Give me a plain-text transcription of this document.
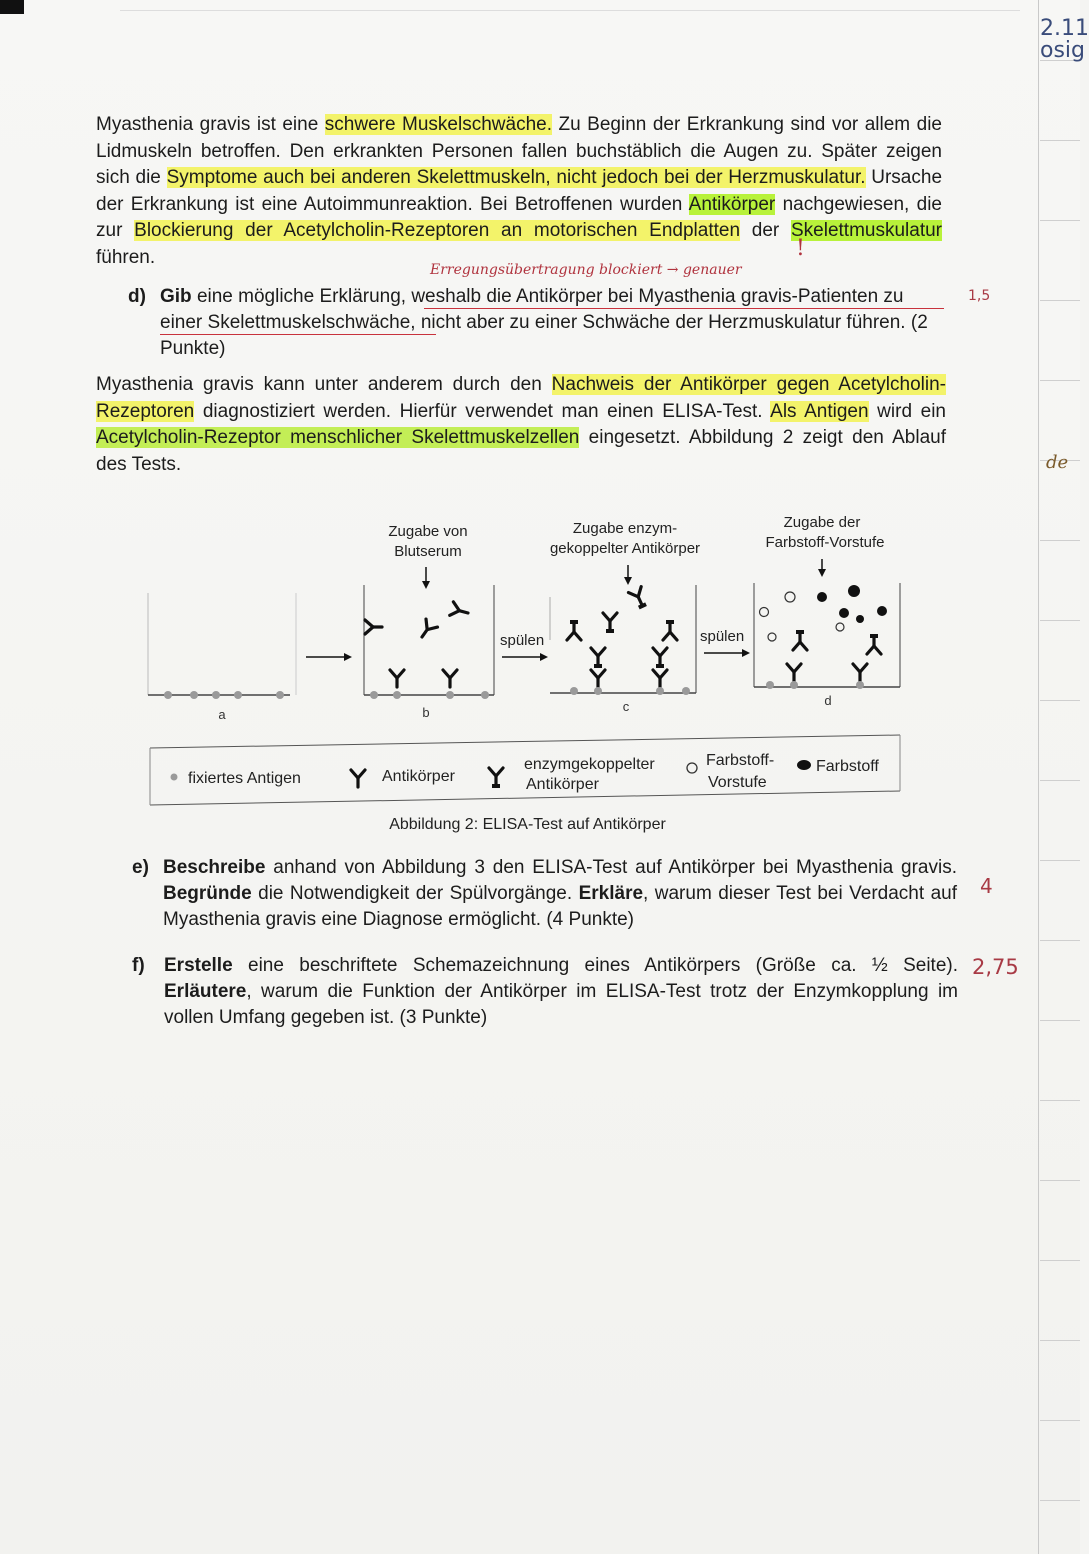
2.11
osig
Myasthenia gravis ist eine schwere Muskelschwäche. Zu Beginn der Erkrankung sind vor allem die Lidmuskeln betroffen. Den erkrankten Personen fallen buchstäblich die Augen zu. Später zeigen sich die Symptome auch bei anderen Skelettmuskeln, nicht jedoch bei der Herzmuskulatur. Ursache der Erkrankung ist eine Autoimmunreaktion. Bei Betroffenen wurden Antikörper nachgewiesen, die zur Blockierung der Acetylcholin-Rezeptoren an motorischen Endplatten der Skelettmuskulatur führen.
Erregungsübertragung blockiert → genauer
!
d) Gib eine mögliche Erklärung, weshalb die Antikörper bei Myasthenia gravis-Patienten zu einer Skelettmuskelschwäche, nicht aber zu einer Schwäche der Herzmuskulatur führen. (2 Punkte)
1,5
Myasthenia gravis kann unter anderem durch den Nachweis der Antikörper gegen Acetylcholin-Rezeptoren diagnostiziert werden. Hierfür verwendet man einen ELISA-Test. Als Antigen wird ein Acetylcholin-Rezeptor menschlicher Skelettmuskelzellen eingesetzt. Abbildung 2 zeigt den Ablauf des Tests.	de
a
Zugabe von
Blutserum
b
spülen
Zugabe enzym-
gekoppelter Antikörper
c
spülen
Zugabe der
Farbstoff-Vorstufe
d
fixiertes Antigen	Antikörper
enzymgekoppelter
Antikörper
Farbstoff-
Vorstufe
Farbstoff
Abbildung 2: ELISA-Test auf Antikörper
e) Beschreibe anhand von Abbildung 3 den ELISA-Test auf Antikörper bei Myasthenia gravis. Begründe die Notwendigkeit der Spülvorgänge. Erkläre, warum dieser Test bei Verdacht auf Myasthenia gravis eine Diagnose ermöglicht. (4 Punkte)
4
f) Erstelle eine beschriftete Schemazeichnung eines Antikörpers (Größe ca. ½ Seite). Erläutere, warum die Funktion der Antikörper im ELISA-Test trotz der Enzymkopplung im vollen Umfang gegeben ist. (3 Punkte)
2,75
